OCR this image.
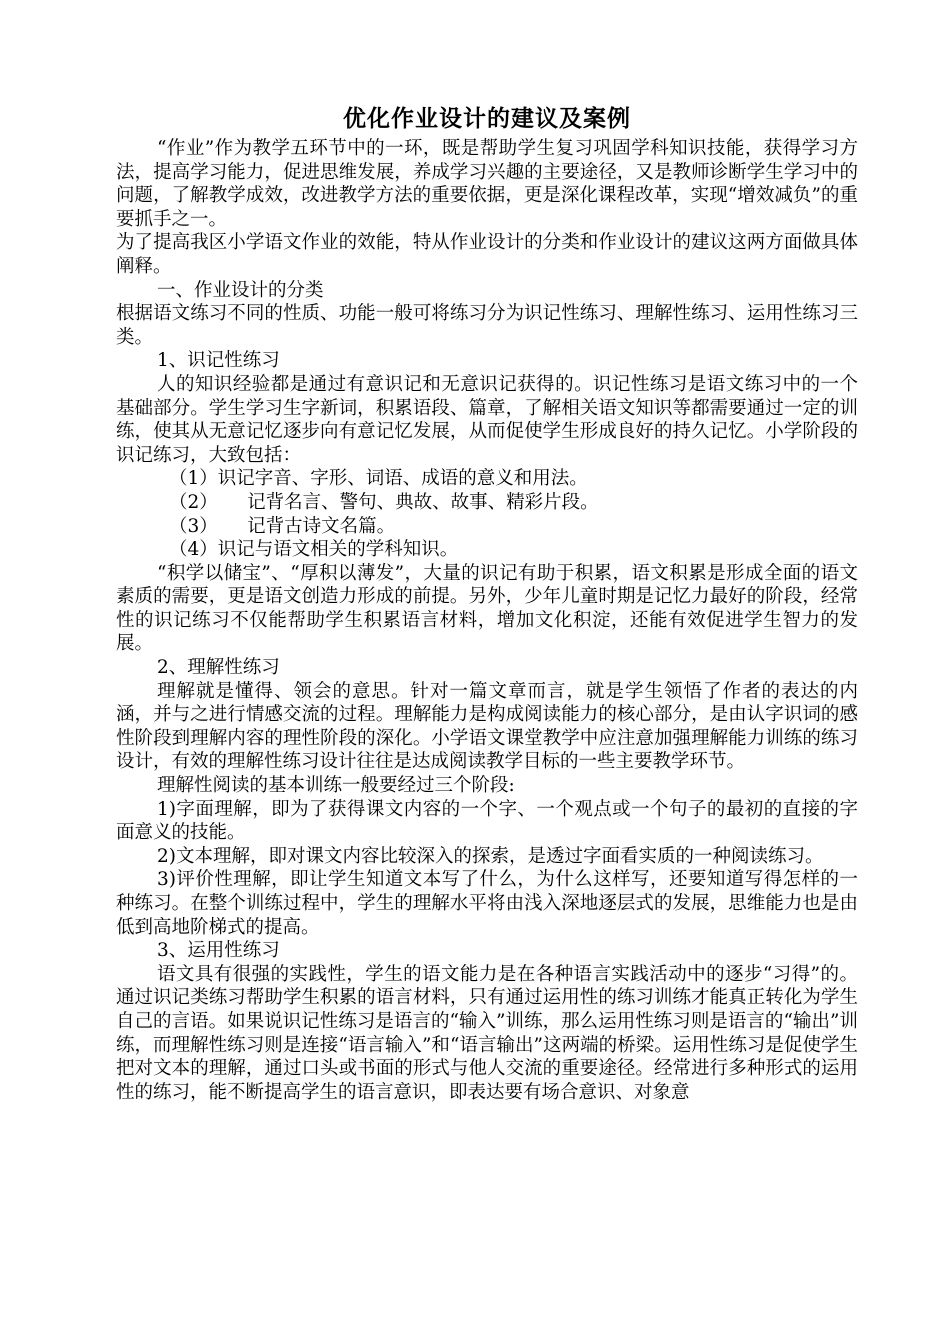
优化作业设计的建议及案例

“作业”作为教学五环节中的一环，既是帮助学生复习巩固学科知识技能，获得学习方法，提高学习能力，促进思维发展，养成学习兴趣的主要途径，又是教师诊断学生学习中的问题，了解教学成效，改进教学方法的重要依据，更是深化课程改革，实现“增效减负”的重要抓手之一。

为了提高我区小学语文作业的效能，特从作业设计的分类和作业设计的建议这两方面做具体阐释。

一、作业设计的分类

根据语文练习不同的性质、功能一般可将练习分为识记性练习、理解性练习、运用性练习三类。

1、识记性练习

人的知识经验都是通过有意识记和无意识记获得的。识记性练习是语文练习中的一个基础部分。学生学习生字新词，积累语段、篇章，了解相关语文知识等都需要通过一定的训练，使其从无意记忆逐步向有意记忆发展，从而促使学生形成良好的持久记忆。小学阶段的识记练习，大致包括：

（1）识记字音、字形、词语、成语的意义和用法。

（2）     记背名言、警句、典故、故事、精彩片段。

（3）     记背古诗文名篇。

（4）识记与语文相关的学科知识。

“积学以储宝”、“厚积以薄发”，大量的识记有助于积累，语文积累是形成全面的语文素质的需要，更是语文创造力形成的前提。另外，少年儿童时期是记忆力最好的阶段，经常性的识记练习不仅能帮助学生积累语言材料，增加文化积淀，还能有效促进学生智力的发展。

2、理解性练习

理解就是懂得、领会的意思。针对一篇文章而言，就是学生领悟了作者的表达的内涵，并与之进行情感交流的过程。理解能力是构成阅读能力的核心部分，是由认字识词的感性阶段到理解内容的理性阶段的深化。小学语文课堂教学中应注意加强理解能力训练的练习设计，有效的理解性练习设计往往是达成阅读教学目标的一些主要教学环节。

理解性阅读的基本训练一般要经过三个阶段:

1)字面理解，即为了获得课文内容的一个字、一个观点或一个句子的最初的直接的字面意义的技能。

2)文本理解，即对课文内容比较深入的探索，是透过字面看实质的一种阅读练习。

3)评价性理解，即让学生知道文本写了什么，为什么这样写，还要知道写得怎样的一种练习。在整个训练过程中，学生的理解水平将由浅入深地逐层式的发展，思维能力也是由低到高地阶梯式的提高。

3、运用性练习

语文具有很强的实践性，学生的语文能力是在各种语言实践活动中的逐步“习得”的。通过识记类练习帮助学生积累的语言材料，只有通过运用性的练习训练才能真正转化为学生自己的言语。如果说识记性练习是语言的“输入”训练，那么运用性练习则是语言的“输出”训练，而理解性练习则是连接“语言输入”和“语言输出”这两端的桥梁。运用性练习是促使学生把对文本的理解，通过口头或书面的形式与他人交流的重要途径。经常进行多种形式的运用性的练习，能不断提高学生的语言意识，即表达要有场合意识、对象意
